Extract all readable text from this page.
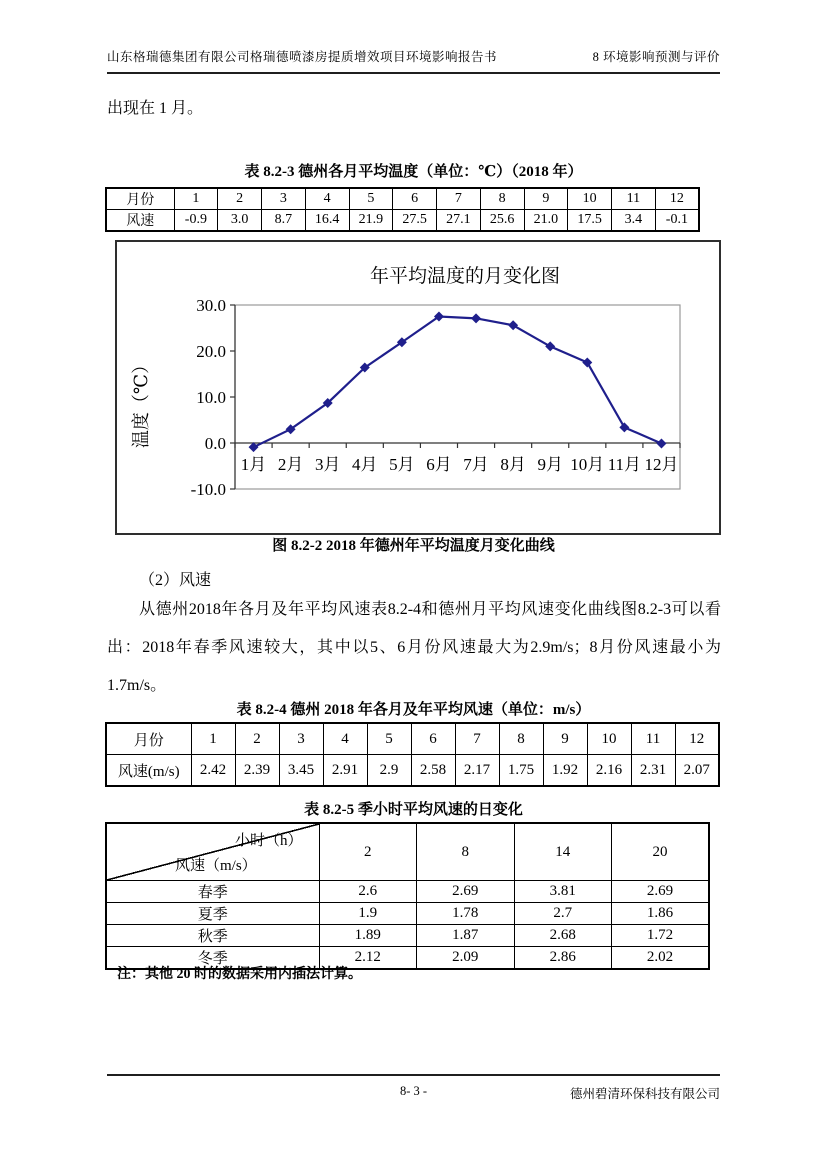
山东格瑞德集团有限公司格瑞德喷漆房提质增效项目环境影响报告书	8 环境影响预测与评价
出现在 1 月。
表 8.2-3 德州各月平均温度（单位：℃）（2018 年）
月份	1	2	3	4	5	6	7	8	9	10	11	12
风速	-0.9	3.0	8.7	16.4	21.9	27.5	27.1	25.6	21.0	17.5	3.4	-0.1
年平均温度的月变化图
30.0
20.0
10.0
0.0
-10.0
1月 2月 3月 4月 5月 6月 7月 8月 9月 10月 11月 12月
温度（℃）
图 8.2-2 2018 年德州年平均温度月变化曲线
（2）风速
从德州2018年各月及年平均风速表8.2-4和德州月平均风速变化曲线图8.2-3可以看出：2018年春季风速较大，其中以5、6月份风速最大为2.9m/s；8月份风速最小为1.7m/s。
表 8.2-4 德州 2018 年各月及年平均风速（单位：m/s）
月份	1	2	3	4	5	6	7	8	9	10	11	12
风速(m/s)	2.42	2.39	3.45	2.91	2.9	2.58	2.17	1.75	1.92	2.16	2.31	2.07
表 8.2-5 季小时平均风速的日变化
小时（h）
风速（m/s）	2	8	14	20
春季	2.6	2.69	3.81	2.69
夏季	1.9	1.78	2.7	1.86
秋季	1.89	1.87	2.68	1.72
冬季	2.12	2.09	2.86	2.02
注：其他 20 时的数据采用内插法计算。
8- 3 -	德州碧清环保科技有限公司
